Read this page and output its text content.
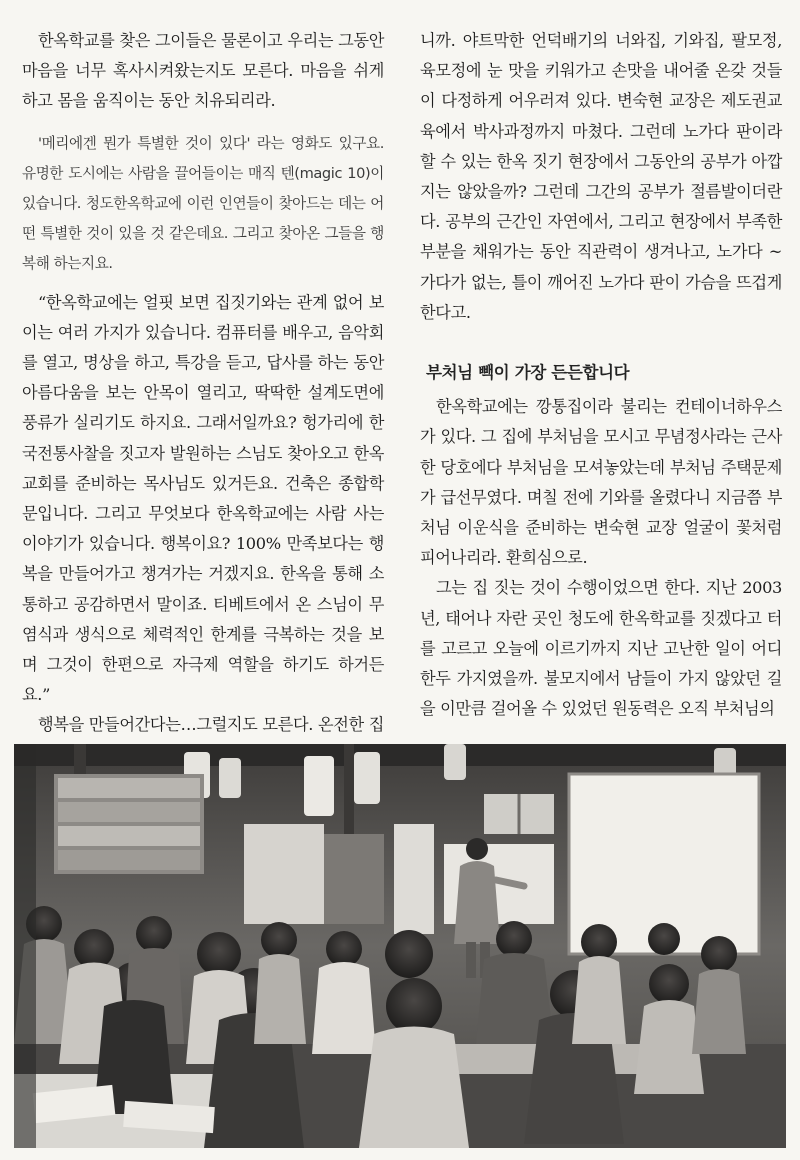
한옥학교를 찾은 그이들은 물론이고 우리는 그동안 마음을 너무 혹사시켜왔는지도 모른다. 마음을 쉬게 하고 몸을 움직이는 동안 치유되리라.

'메리에겐 뭔가 특별한 것이 있다' 라는 영화도 있구요. 유명한 도시에는 사람을 끌어들이는 매직 텐(magic 10)이 있습니다. 청도한옥학교에 이런 인연들이 찾아드는 데는 어떤 특별한 것이 있을 것 같은데요. 그리고 찾아온 그들을 행복해 하는지요.

“한옥학교에는 얼핏 보면 집짓기와는 관계 없어 보이는 여러 가지가 있습니다. 컴퓨터를 배우고, 음악회를 열고, 명상을 하고, 특강을 듣고, 답사를 하는 동안 아름다움을 보는 안목이 열리고, 딱딱한 설계도면에 풍류가 실리기도 하지요. 그래서일까요? 헝가리에 한국전통사찰을 짓고자 발원하는 스님도 찾아오고 한옥 교회를 준비하는 목사님도 있거든요. 건축은 종합학문입니다. 그리고 무엇보다 한옥학교에는 사람 사는 이야기가 있습니다. 행복이요? 100% 만족보다는 행복을 만들어가고 챙겨가는 거겠지요. 한옥을 통해 소통하고 공감하면서 말이죠. 티베트에서 온 스님이 무염식과 생식으로 체력적인 한계를 극복하는 것을 보며 그것이 한편으로 자극제 역할을 하기도 하거든요.”

행복을 만들어간다는…그럴지도 모른다. 온전한 집

니까. 야트막한 언덕배기의 너와집, 기와집, 팔모정, 육모정에 눈 맛을 키워가고 손맛을 내어줄 온갖 것들이 다정하게 어우러져 있다. 변숙현 교장은 제도권교육에서 박사과정까지 마쳤다. 그런데 노가다 판이라 할 수 있는 한옥 짓기 현장에서 그동안의 공부가 아깝지는 않았을까? 그런데 그간의 공부가 절름발이더란다. 공부의 근간인 자연에서, 그리고 현장에서 부족한 부분을 채워가는 동안 직관력이 생겨나고, 노가다 ~ 가다가 없는, 틀이 깨어진 노가다 판이 가슴을 뜨겁게 한다고.

부처님 빽이 가장 든든합니다

한옥학교에는 깡통집이라 불리는 컨테이너하우스가 있다. 그 집에 부처님을 모시고 무념정사라는 근사한 당호에다 부처님을 모셔놓았는데 부처님 주택문제가 급선무였다. 며칠 전에 기와를 올렸다니 지금쯤 부처님 이운식을 준비하는 변숙현 교장 얼굴이 꽃처럼 피어나리라. 환희심으로.

그는 집 짓는 것이 수행이었으면 한다. 지난 2003년, 태어나 자란 곳인 청도에 한옥학교를 짓겠다고 터를 고르고 오늘에 이르기까지 지난 고난한 일이 어디 한두 가지였을까. 불모지에서 남들이 가지 않았던 길을 이만큼 걸어올 수 있었던 원동력은 오직 부처님의
